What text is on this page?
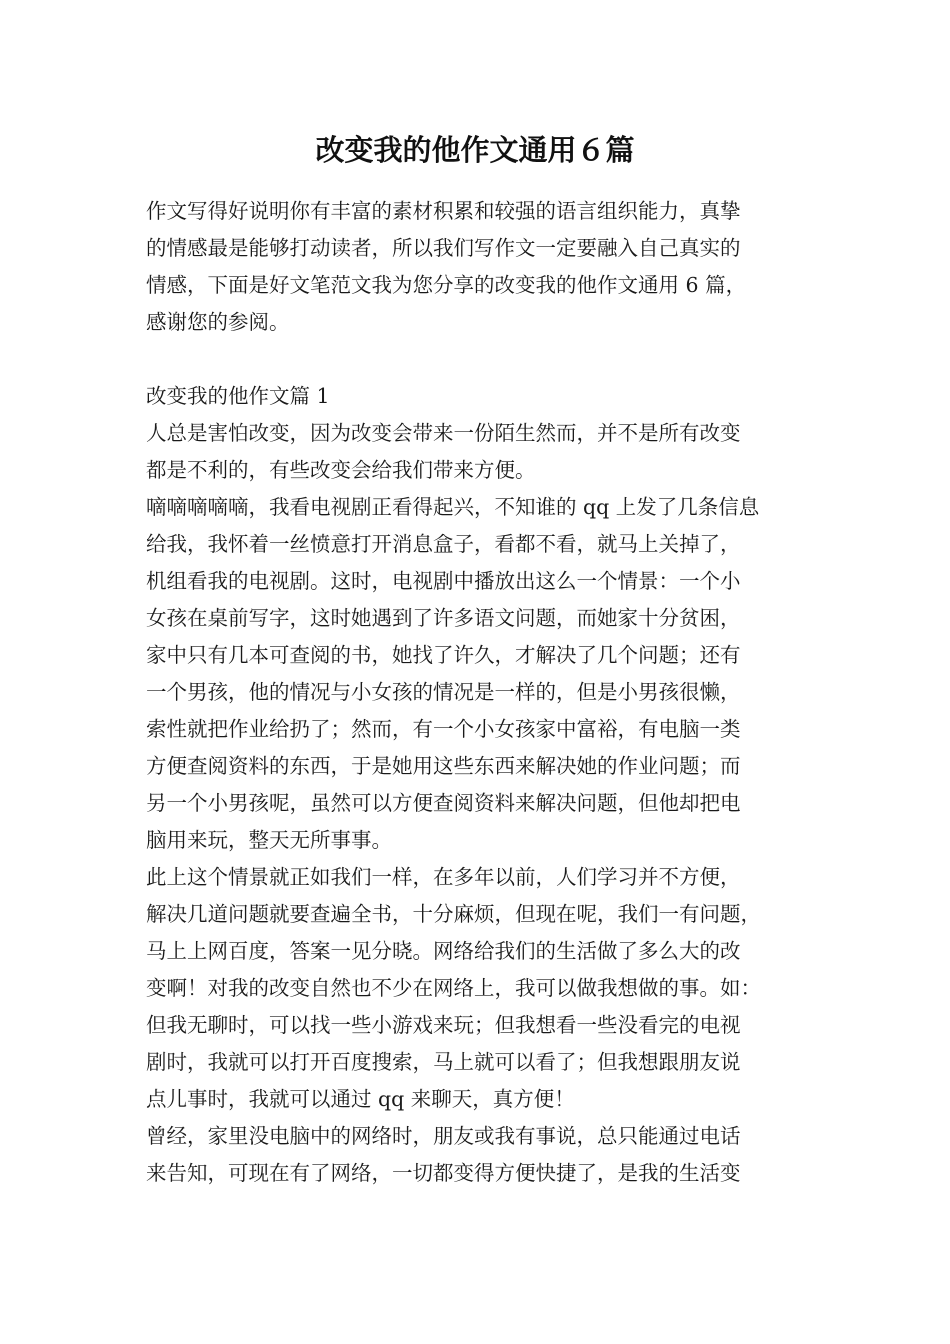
改变我的他作文通用６篇
作文写得好说明你有丰富的素材积累和较强的语言组织能力，真挚
的情感最是能够打动读者，所以我们写作文一定要融入自己真实的
情感，下面是好文笔范文我为您分享的改变我的他作文通用 6 篇，
感谢您的参阅。
改变我的他作文篇 1
人总是害怕改变，因为改变会带来一份陌生然而，并不是所有改变
都是不利的，有些改变会给我们带来方便。
嘀嘀嘀嘀嘀，我看电视剧正看得起兴，不知谁的 qq 上发了几条信息
给我，我怀着一丝愤意打开消息盒子，看都不看，就马上关掉了，
机组看我的电视剧。这时，电视剧中播放出这么一个情景：一个小
女孩在桌前写字，这时她遇到了许多语文问题，而她家十分贫困，
家中只有几本可查阅的书，她找了许久，才解决了几个问题；还有
一个男孩，他的情况与小女孩的情况是一样的，但是小男孩很懒，
索性就把作业给扔了；然而，有一个小女孩家中富裕，有电脑一类
方便查阅资料的东西，于是她用这些东西来解决她的作业问题；而
另一个小男孩呢，虽然可以方便查阅资料来解决问题，但他却把电
脑用来玩，整天无所事事。
此上这个情景就正如我们一样，在多年以前，人们学习并不方便，
解决几道问题就要查遍全书，十分麻烦，但现在呢，我们一有问题，
马上上网百度，答案一见分晓。网络给我们的生活做了多么大的改
变啊！对我的改变自然也不少在网络上，我可以做我想做的事。如：
但我无聊时，可以找一些小游戏来玩；但我想看一些没看完的电视
剧时，我就可以打开百度搜索，马上就可以看了；但我想跟朋友说
点儿事时，我就可以通过 qq 来聊天，真方便！
曾经，家里没电脑中的网络时，朋友或我有事说，总只能通过电话
来告知，可现在有了网络，一切都变得方便快捷了，是我的生活变
